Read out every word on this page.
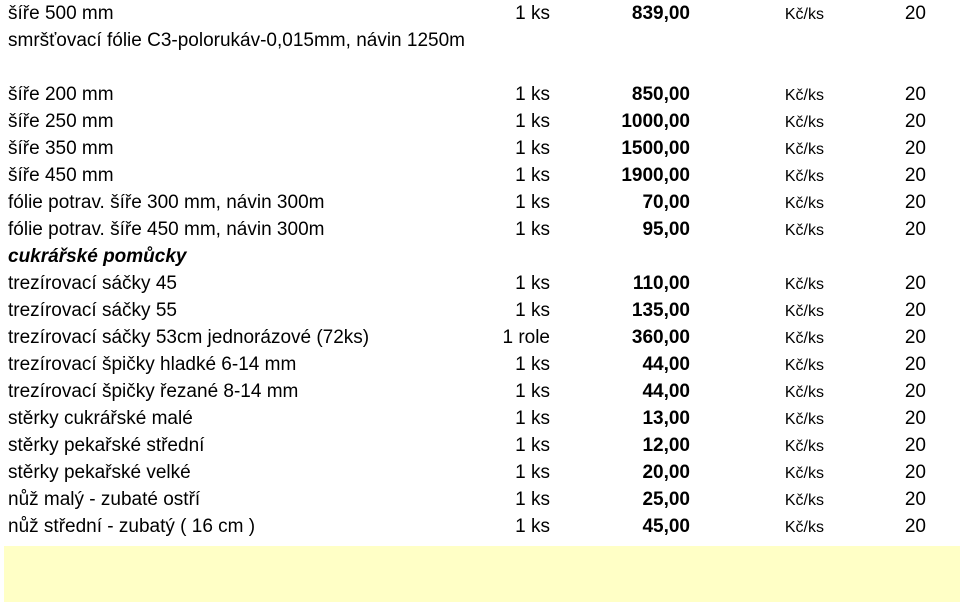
šíře 500 mm	1 ks	839,00	Kč/ks	20
smršťovací fólie C3-polorukáv-0,015mm, návin 1250m
šíře 200 mm	1 ks	850,00	Kč/ks	20
šíře 250 mm	1 ks	1000,00	Kč/ks	20
šíře 350 mm	1 ks	1500,00	Kč/ks	20
šíře 450 mm	1 ks	1900,00	Kč/ks	20
fólie potrav. šíře 300 mm, návin 300m	1 ks	70,00	Kč/ks	20
fólie potrav. šíře 450 mm, návin 300m	1 ks	95,00	Kč/ks	20
cukrářské pomůcky
trezírovací sáčky 45	1 ks	110,00	Kč/ks	20
trezírovací sáčky 55	1 ks	135,00	Kč/ks	20
trezírovací sáčky 53cm jednorázové (72ks)	1 role	360,00	Kč/ks	20
trezírovací špičky hladké 6-14 mm	1 ks	44,00	Kč/ks	20
trezírovací špičky řezané 8-14 mm	1 ks	44,00	Kč/ks	20
stěrky cukrářské malé	1 ks	13,00	Kč/ks	20
stěrky pekařské střední	1 ks	12,00	Kč/ks	20
stěrky pekařské velké	1 ks	20,00	Kč/ks	20
nůž malý - zubaté ostří	1 ks	25,00	Kč/ks	20
nůž střední - zubatý ( 16 cm )	1 ks	45,00	Kč/ks	20
